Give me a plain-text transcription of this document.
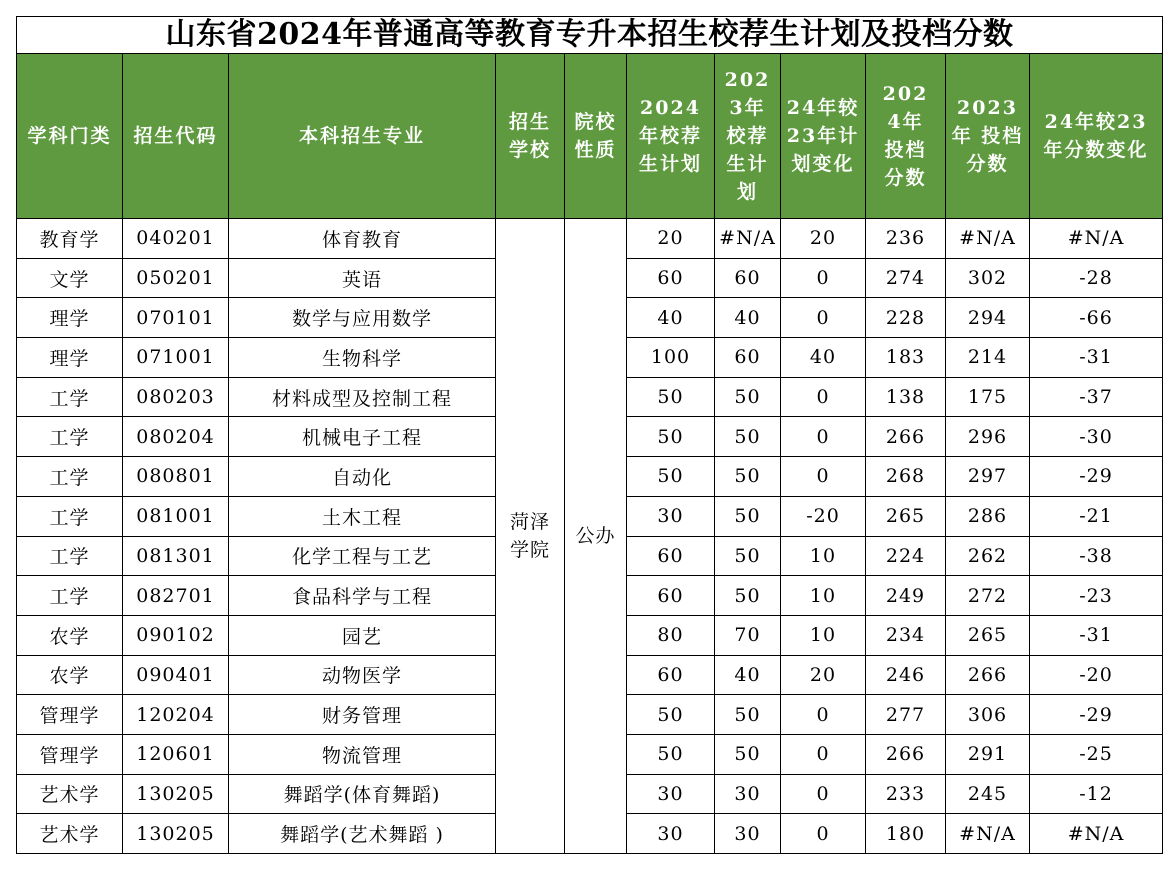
山东省2024年普通高等教育专升本招生校荐生计划及投档分数										

学科门类	招生代码	本科招生专业	招生学校	院校性质	2024年校荐生计划	2023年校荐生计划	24年较23年计划变化	2024年 投档分数	2023年 投档分数	24年较23年分数变化

教育学	040201	体育教育	菏泽学院	公办	20	#N/A	20	236	#N/A	#N/A
文学	050201	英语			60	60	0	274	302	-28
理学	070101	数学与应用数学			40	40	0	228	294	-66
理学	071001	生物科学			100	60	40	183	214	-31
工学	080203	材料成型及控制工程			50	50	0	138	175	-37
工学	080204	机械电子工程			50	50	0	266	296	-30
工学	080801	自动化			50	50	0	268	297	-29
工学	081001	土木工程			30	50	-20	265	286	-21
工学	081301	化学工程与工艺			60	50	10	224	262	-38
工学	082701	食品科学与工程			60	50	10	249	272	-23
农学	090102	园艺			80	70	10	234	265	-31
农学	090401	动物医学			60	40	20	246	266	-20
管理学	120204	财务管理			50	50	0	277	306	-29
管理学	120601	物流管理			50	50	0	266	291	-25
艺术学	130205	舞蹈学(体育舞蹈)			30	30	0	233	245	-12
艺术学	130205	舞蹈学(艺术舞蹈 )			30	30	0	180	#N/A	#N/A
